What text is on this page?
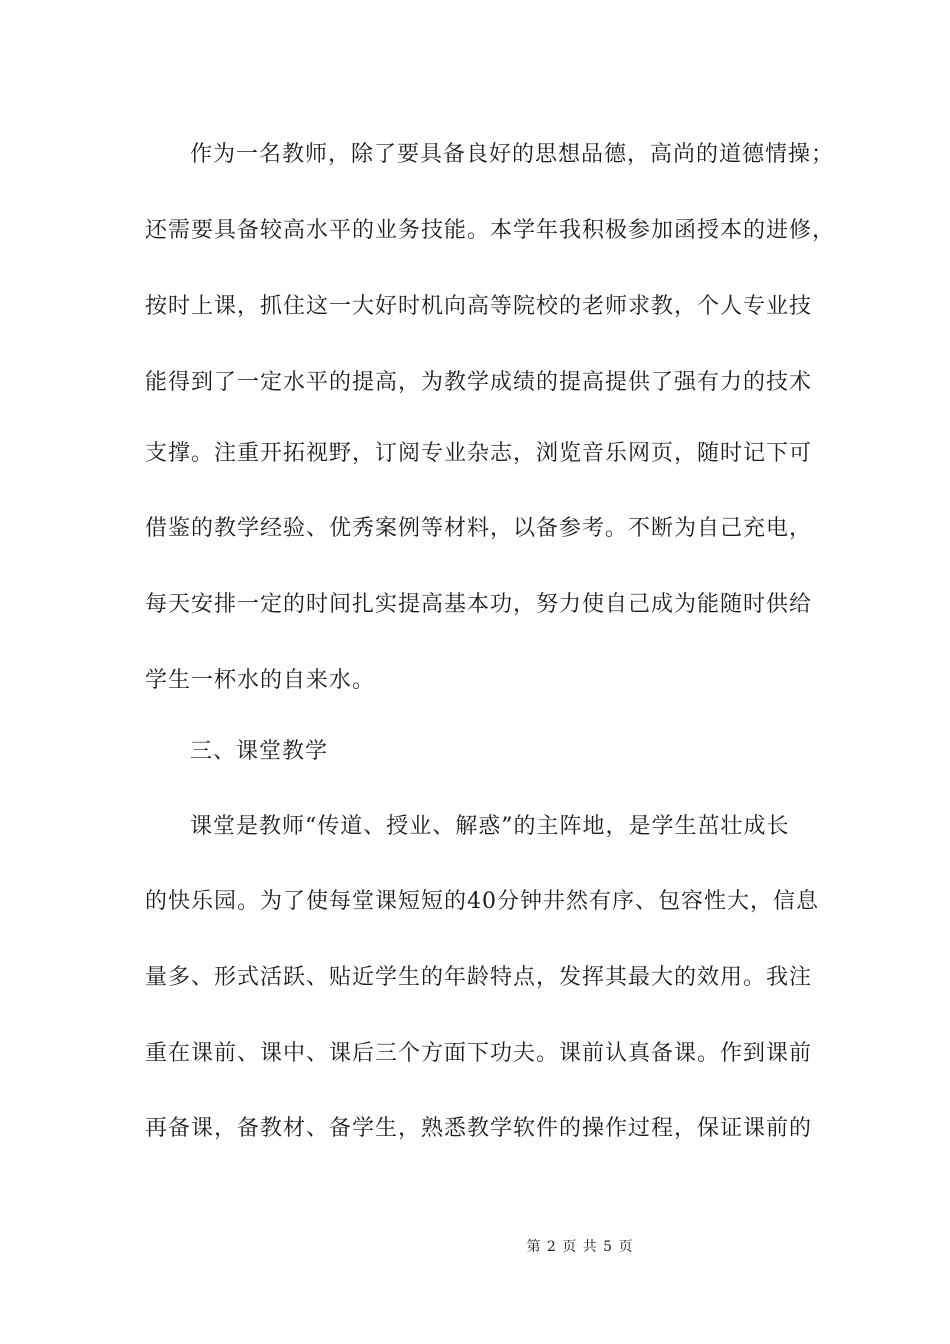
作为一名教师，除了要具备良好的思想品德，高尚的道德情操；
还需要具备较高水平的业务技能。本学年我积极参加函授本的进修，
按时上课，抓住这一大好时机向高等院校的老师求教，个人专业技
能得到了一定水平的提高，为教学成绩的提高提供了强有力的技术
支撑。注重开拓视野，订阅专业杂志，浏览音乐网页，随时记下可
借鉴的教学经验、优秀案例等材料，以备参考。不断为自己充电，
每天安排一定的时间扎实提高基本功，努力使自己成为能随时供给
学生一杯水的自来水。
三、课堂教学
课堂是教师“传道、授业、解惑”的主阵地，是学生茁壮成长
的快乐园。为了使每堂课短短的40分钟井然有序、包容性大，信息
量多、形式活跃、贴近学生的年龄特点，发挥其最大的效用。我注
重在课前、课中、课后三个方面下功夫。课前认真备课。作到课前
再备课，备教材、备学生，熟悉教学软件的操作过程，保证课前的
第 2 页 共 5 页
